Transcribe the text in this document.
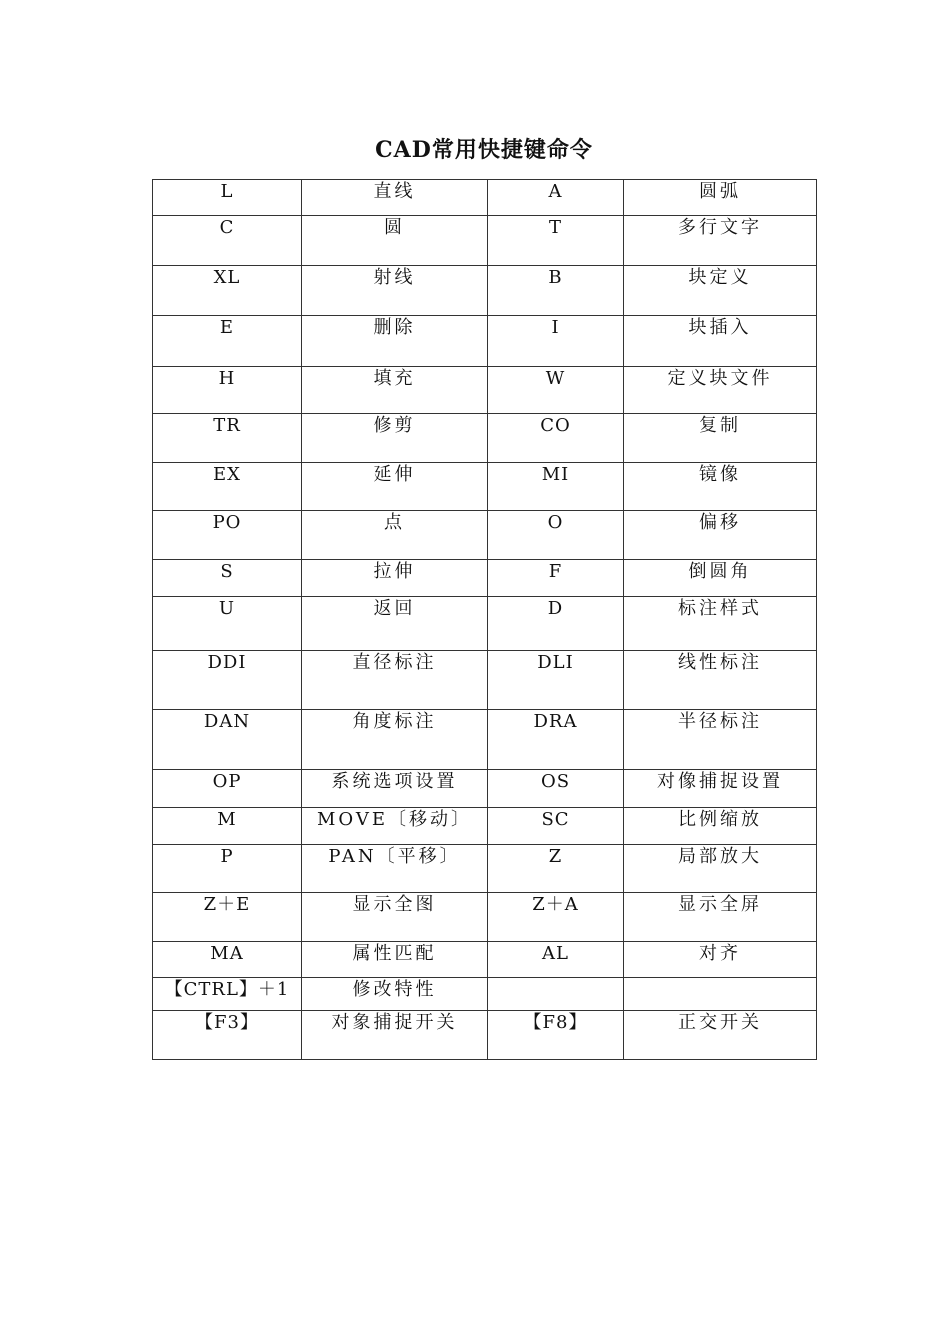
CAD常用快捷键命令
L	直线	A	圆弧
C	圆	T	多行文字
XL	射线	B	块定义
E	删除	I	块插入
H	填充	W	定义块文件
TR	修剪	CO	复制
EX	延伸	MI	镜像
PO	点	O	偏移
S	拉伸	F	倒圆角
U	返回	D	标注样式
DDI	直径标注	DLI	线性标注
DAN	角度标注	DRA	半径标注
OP	系统选项设置	OS	对像捕捉设置
M	MOVE〔移动〕	SC	比例缩放
P	PAN〔平移〕	Z	局部放大
Z＋E	显示全图	Z＋A	显示全屏
MA	属性匹配	AL	对齐
【CTRL】＋1	修改特性		
【F3】	对象捕捉开关	【F8】	正交开关
